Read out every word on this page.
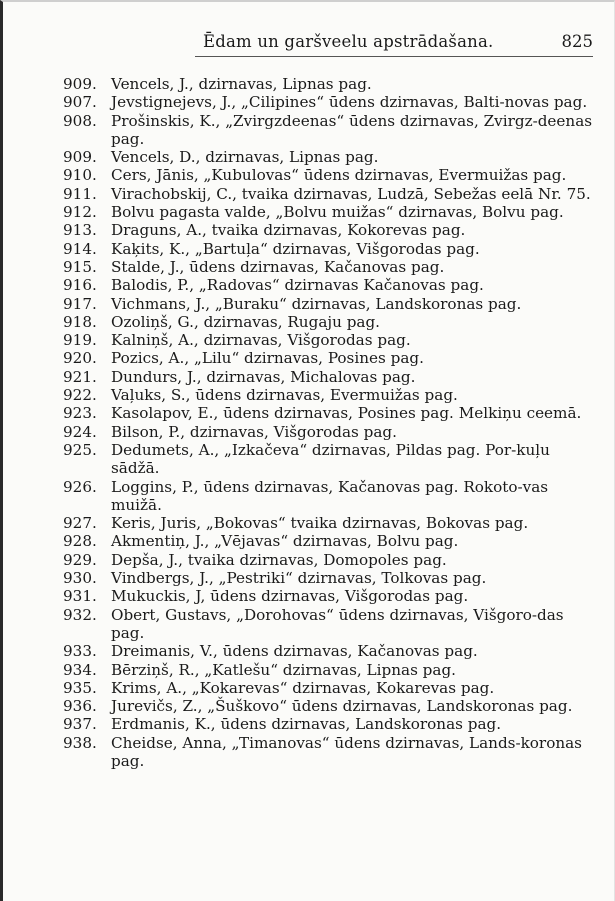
Ēdam un garšveelu apstrādašana.	825
909. Vencels, J., dzirnavas, Lipnas pag.
907. Jevstignejevs, J., „Cilipines“ ūdens dzirnavas, Balti-novas pag.
908. Prošinskis, K., „Zvirgzdeenas“ ūdens dzirnavas, Zvirgz-deenas pag.
909. Vencels, D., dzirnavas, Lipnas pag.
910. Cers, Jānis, „Kubulovas“ ūdens dzirnavas, Evermuižas pag.
911. Virachobskij, C., tvaika dzirnavas, Ludzā, Sebežas eelā Nr. 75.
912. Bolvu pagasta valde, „Bolvu muižas“ dzirnavas, Bolvu pag.
913. Draguns, A., tvaika dzirnavas, Kokorevas pag.
914. Kaķits, K., „Bartuļa“ dzirnavas, Višgorodas pag.
915. Stalde, J., ūdens dzirnavas, Kačanovas pag.
916. Balodis, P., „Radovas“ dzirnavas Kačanovas pag.
917. Vichmans, J., „Buraku“ dzirnavas, Landskoronas pag.
918. Ozoliņš, G., dzirnavas, Rugaju pag.
919. Kalniņš, A., dzirnavas, Višgorodas pag.
920. Pozics, A., „Lilu“ dzirnavas, Posines pag.
921. Dundurs, J., dzirnavas, Michalovas pag.
922. Vaļuks, S., ūdens dzirnavas, Evermuižas pag.
923. Kasolapov, E., ūdens dzirnavas, Posines pag. Melkiņu ceemā.
924. Bilson, P., dzirnavas, Višgorodas pag.
925. Dedumets, A., „Izkačeva“ dzirnavas, Pildas pag. Por-kuļu sādžā.
926. Loggins, P., ūdens dzirnavas, Kačanovas pag. Rokoto-vas muižā.
927. Keris, Juris, „Bokovas“ tvaika dzirnavas, Bokovas pag.
928. Akmentiņ, J., „Vējavas“ dzirnavas, Bolvu pag.
929. Depša, J., tvaika dzirnavas, Domopoles pag.
930. Vindbergs, J., „Pestriki“ dzirnavas, Tolkovas pag.
931. Mukuckis, J, ūdens dzirnavas, Višgorodas pag.
932. Obert, Gustavs, „Dorohovas“ ūdens dzirnavas, Višgoro-das pag.
933. Dreimanis, V., ūdens dzirnavas, Kačanovas pag.
934. Bērziņš, R., „Katlešu“ dzirnavas, Lipnas pag.
935. Krims, A., „Kokarevas“ dzirnavas, Kokarevas pag.
936. Jurevičs, Z., „Šuškovo“ ūdens dzirnavas, Landskoronas pag.
937. Erdmanis, K., ūdens dzirnavas, Landskoronas pag.
938. Cheidse, Anna, „Timanovas“ ūdens dzirnavas, Lands-koronas pag.
